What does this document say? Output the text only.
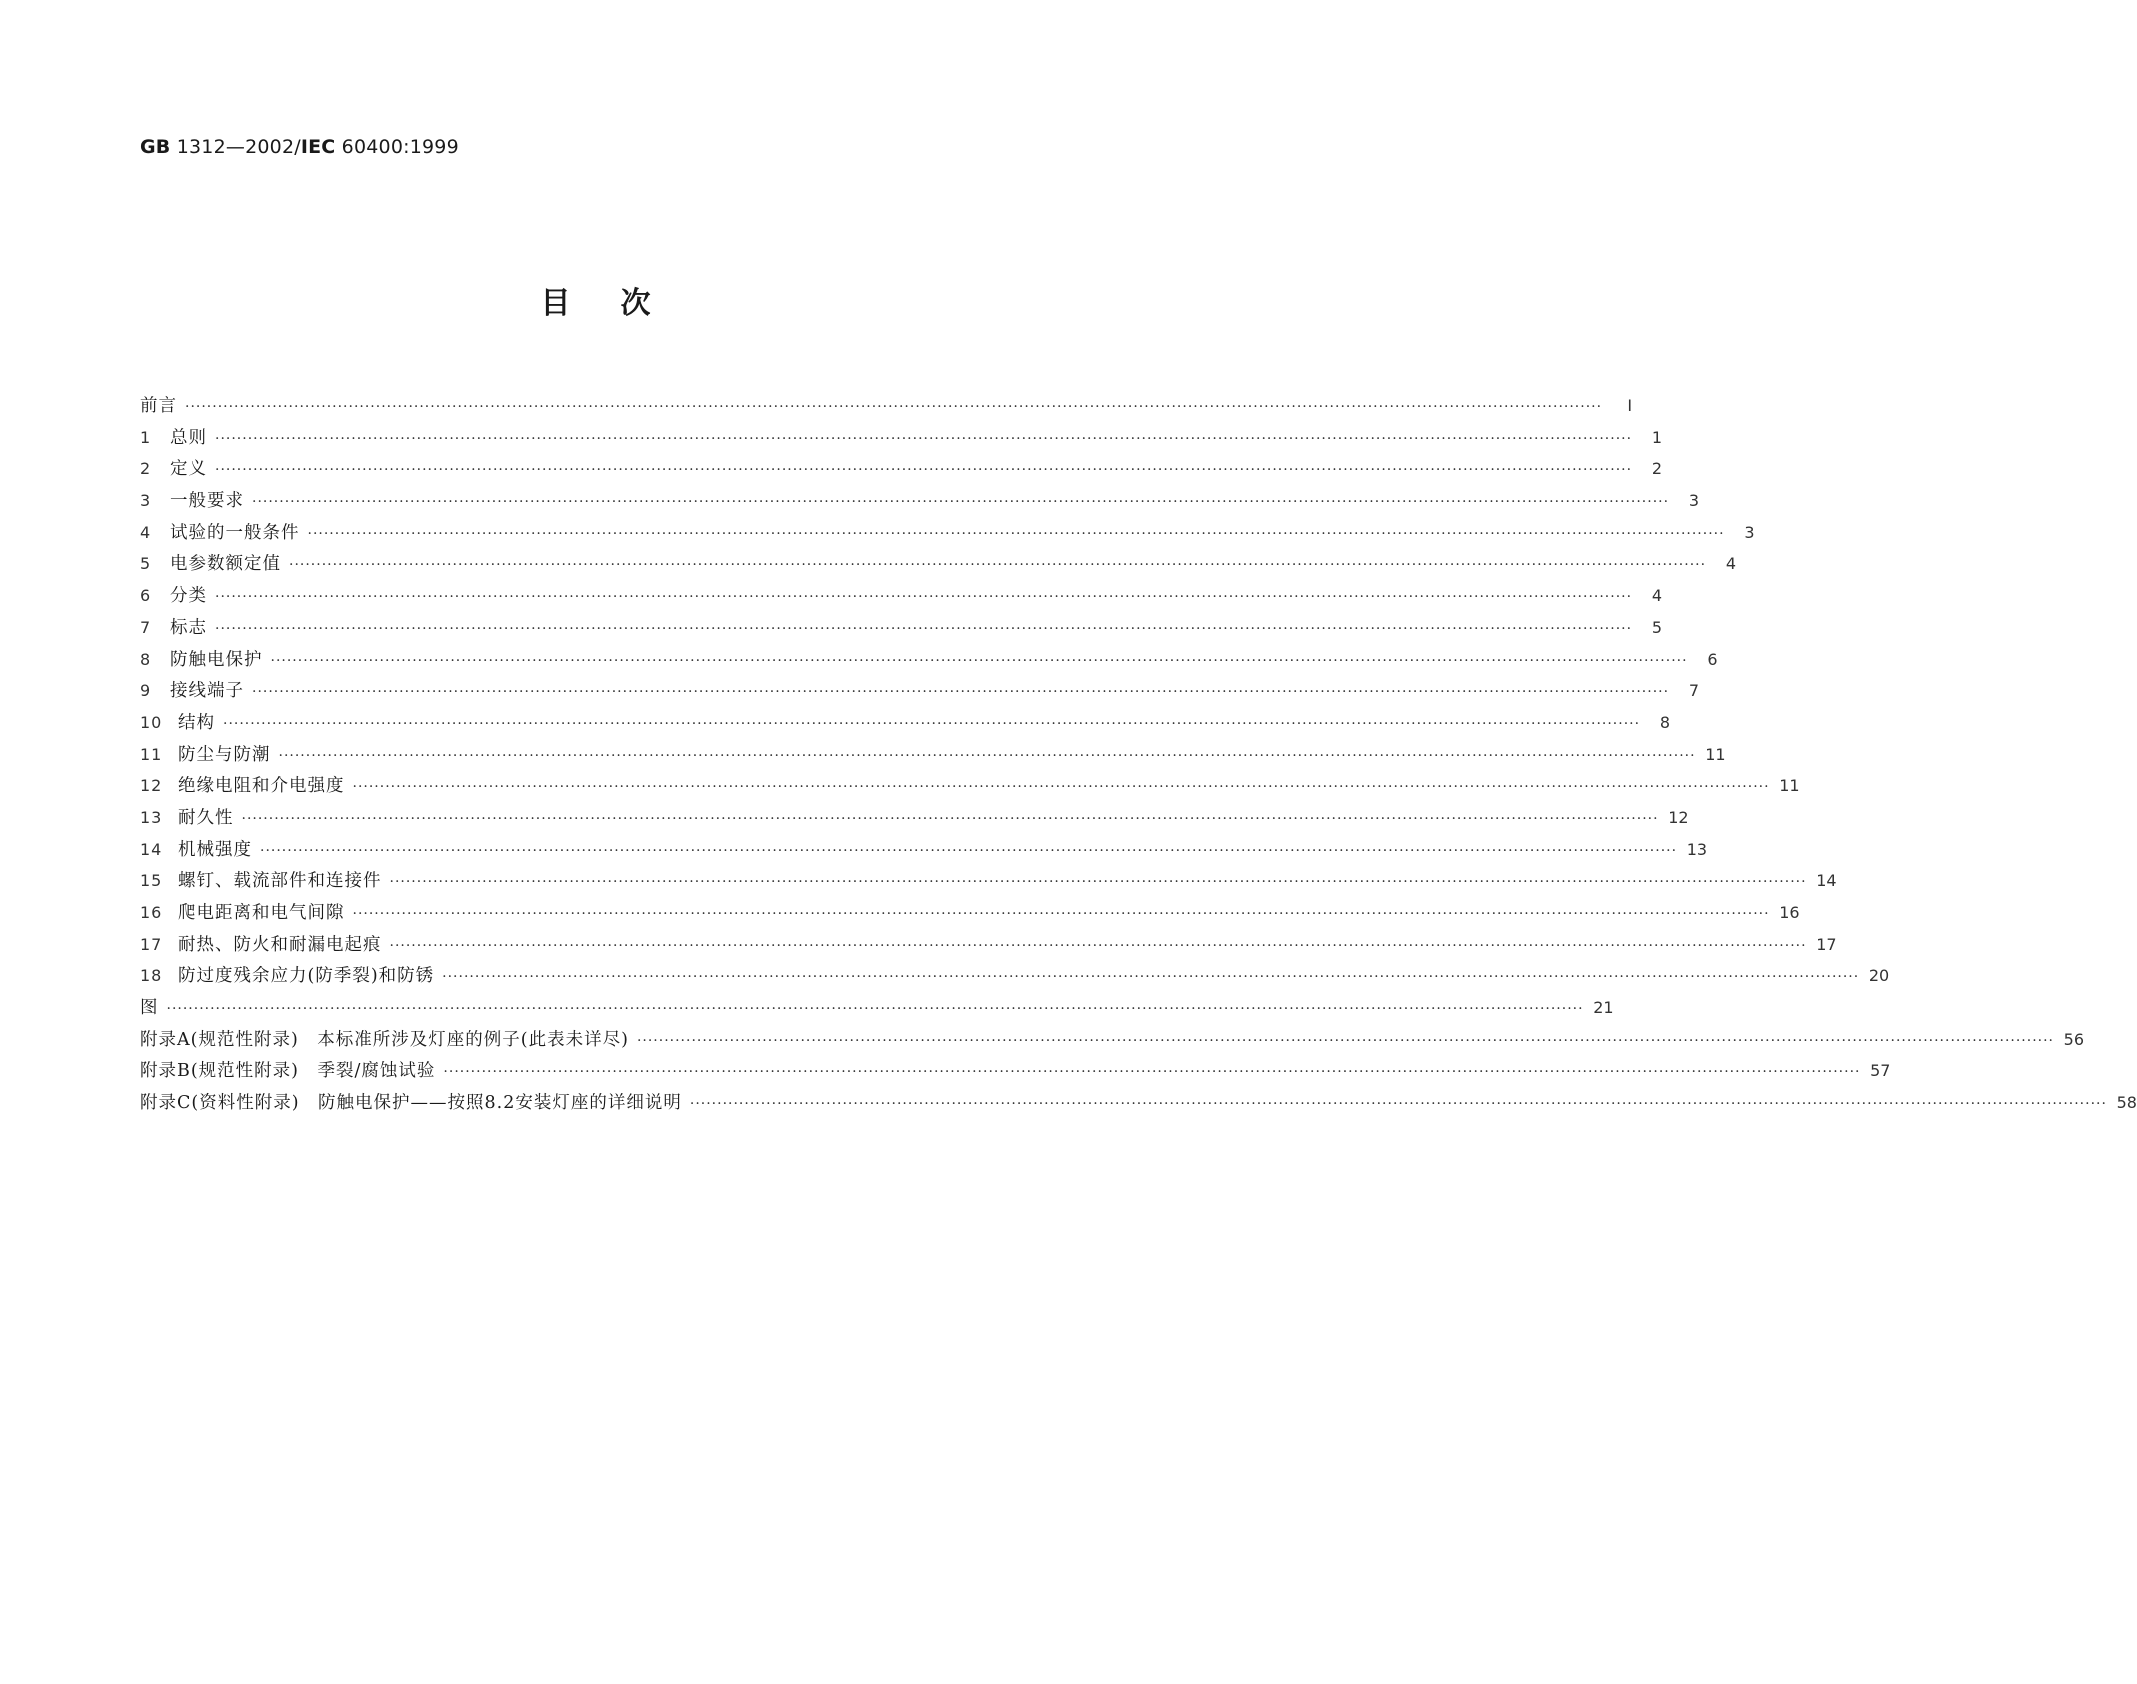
GB 1312—2002/IEC 60400:1999
目次
前言 ····································································································································································································································································	I
1 总则 ····································································································································································································································································	1
2 定义 ····································································································································································································································································	2
3 一般要求 ····································································································································································································································································	3
4 试验的一般条件 ····································································································································································································································································	3
5 电参数额定值 ····································································································································································································································································	4
6 分类 ····································································································································································································································································	4
7 标志 ····································································································································································································································································	5
8 防触电保护 ····································································································································································································································································	6
9 接线端子 ····································································································································································································································································	7
10 结构 ····································································································································································································································································	8
11 防尘与防潮 ···································································································································································································································································· 11
12 绝缘电阻和介电强度 ···································································································································································································································································· 11
13 耐久性 ···································································································································································································································································· 12
14 机械强度 ···································································································································································································································································· 13
15 螺钉、载流部件和连接件 ···································································································································································································································································· 14
16 爬电距离和电气间隙 ···································································································································································································································································· 16
17 耐热、防火和耐漏电起痕 ···································································································································································································································································· 17
18 防过度残余应力(防季裂)和防锈 ···································································································································································································································································· 20
图 ···································································································································································································································································· 21
附录A(规范性附录)　本标准所涉及灯座的例子(此表未详尽) ···································································································································································································································································· 56
附录B(规范性附录)　季裂/腐蚀试验 ···································································································································································································································································· 57
附录C(资料性附录)　防触电保护——按照8.2安装灯座的详细说明 ···································································································································································································································································· 58
